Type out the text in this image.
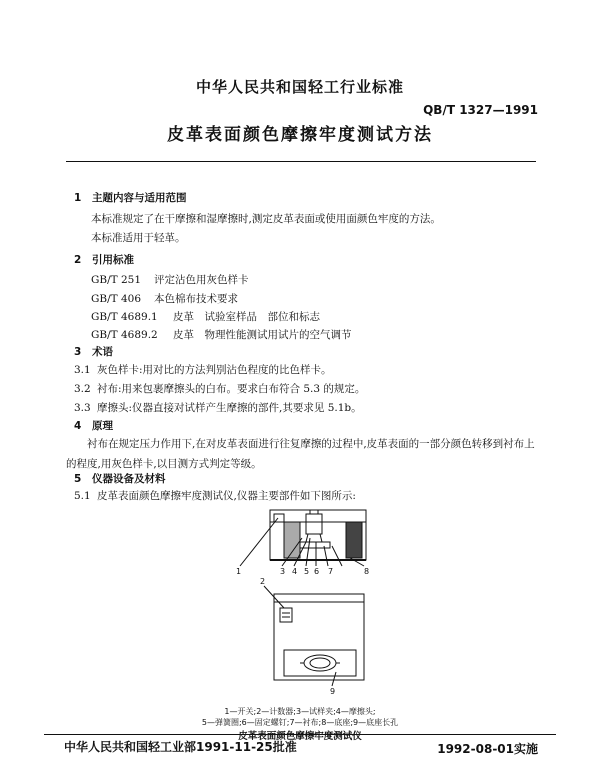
中华人民共和国轻工行业标准

QB/T 1327—1991

皮革表面颜色摩擦牢度测试方法

1 主题内容与适用范围

本标准规定了在干摩擦和湿摩擦时,测定皮革表面或使用面颜色牢度的方法。

本标准适用于轻革。

2 引用标准

GB/T 251 评定沾色用灰色样卡

GB/T 406 本色棉布技术要求

GB/T 4689.1 皮革　试验室样品　部位和标志

GB/T 4689.2 皮革　物理性能测试用试片的空气调节

3 术语

3.1 灰色样卡:用对比的方法判别沾色程度的比色样卡。

3.2 衬布:用来包裹摩擦头的白布。要求白布符合 5.3 的规定。

3.3 摩擦头:仪器直接对试样产生摩擦的部件,其要求见 5.1b。

4 原理

衬布在规定压力作用下,在对皮革表面进行往复摩擦的过程中,皮革表面的一部分颜色转移到衬布上的程度,用灰色样卡,以目测方式判定等级。

5 仪器设备及材料

5.1 皮革表面颜色摩擦牢度测试仪,仪器主要部件如下图所示:

1	3 4 5 6 7	8
2
9

1—开关;2—计数器;3—试样夹;4—摩擦头;

5—弹簧圈;6—固定螺钉;7—衬布;8—底座;9—底座长孔

皮革表面颜色摩擦牢度测试仪

中华人民共和国轻工业部1991-11-25批准	1992-08-01实施
